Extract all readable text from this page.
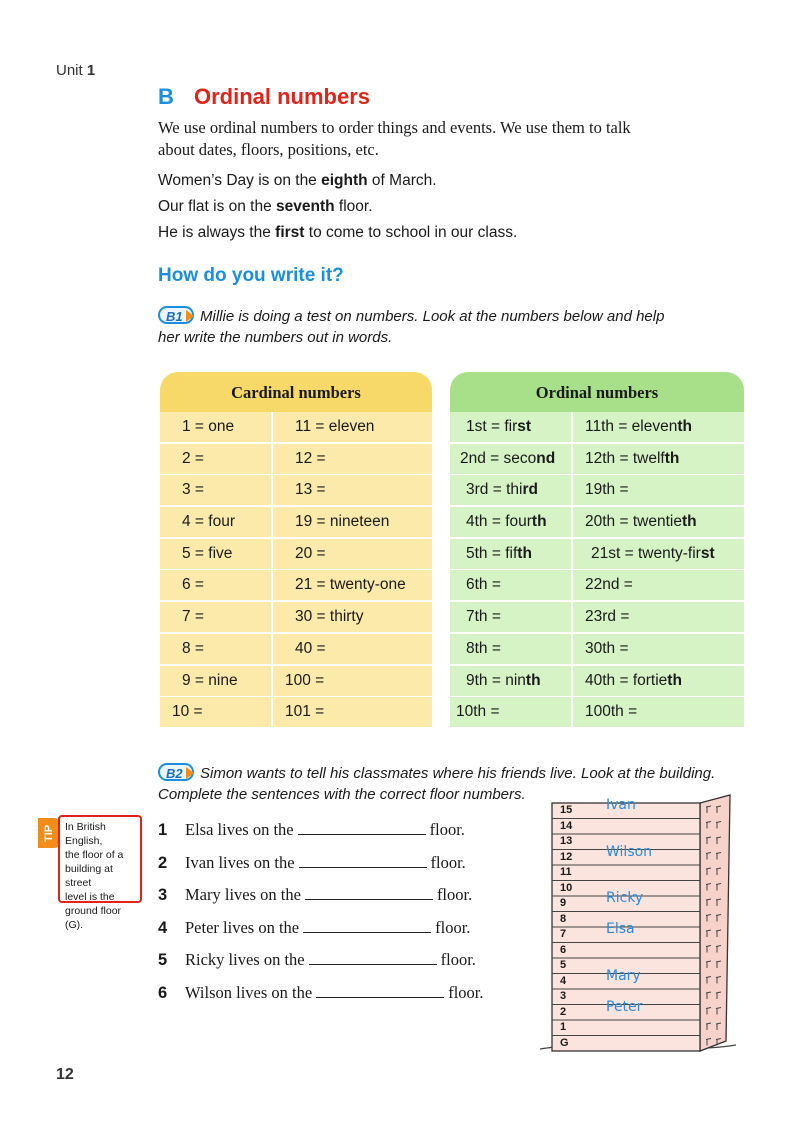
Unit 1
B Ordinal numbers
We use ordinal numbers to order things and events. We use them to talk
about dates, floors, positions, etc.
Women’s Day is on the eighth of March.
Our flat is on the seventh floor.
He is always the first to come to school in our class.
How do you write it?
B1 Millie is doing a test on numbers. Look at the numbers below and help
her write the numbers out in words.
Cardinal numbers
1 = one	11 = eleven
2 =	12 =
3 =	13 =
4 = four	19 = nineteen
5 = five	20 =
6 =	21 = twenty-one
7 =	30 = thirty
8 =	40 =
9 = nine	100 =
10 =	101 =
Ordinal numbers
1st = first	11th = eleventh
2nd = second	12th = twelfth
3rd = third	19th =
4th = fourth	20th = twentieth
5th = fifth	21st = twenty-first
6th =	22nd =
7th =	23rd =
8th =	30th =
9th = ninth	40th = fortieth
10th =	100th =
B2 Simon wants to tell his classmates where his friends live. Look at the building.
Complete the sentences with the correct floor numbers.
TIP In British English,
the floor of a
building at street
level is the
ground floor (G).
1 Elsa lives on the	floor.
2 Ivan lives on the	floor.
3 Mary lives on the	floor.
4 Peter lives on the	floor.
5 Ricky lives on the	floor.
6 Wilson lives on the	floor.
15
14
13
12
11
10
9
8
7
6
5
4
3
2
1
G
Ivan
Wilson
Ricky
Elsa
Mary
Peter
12
